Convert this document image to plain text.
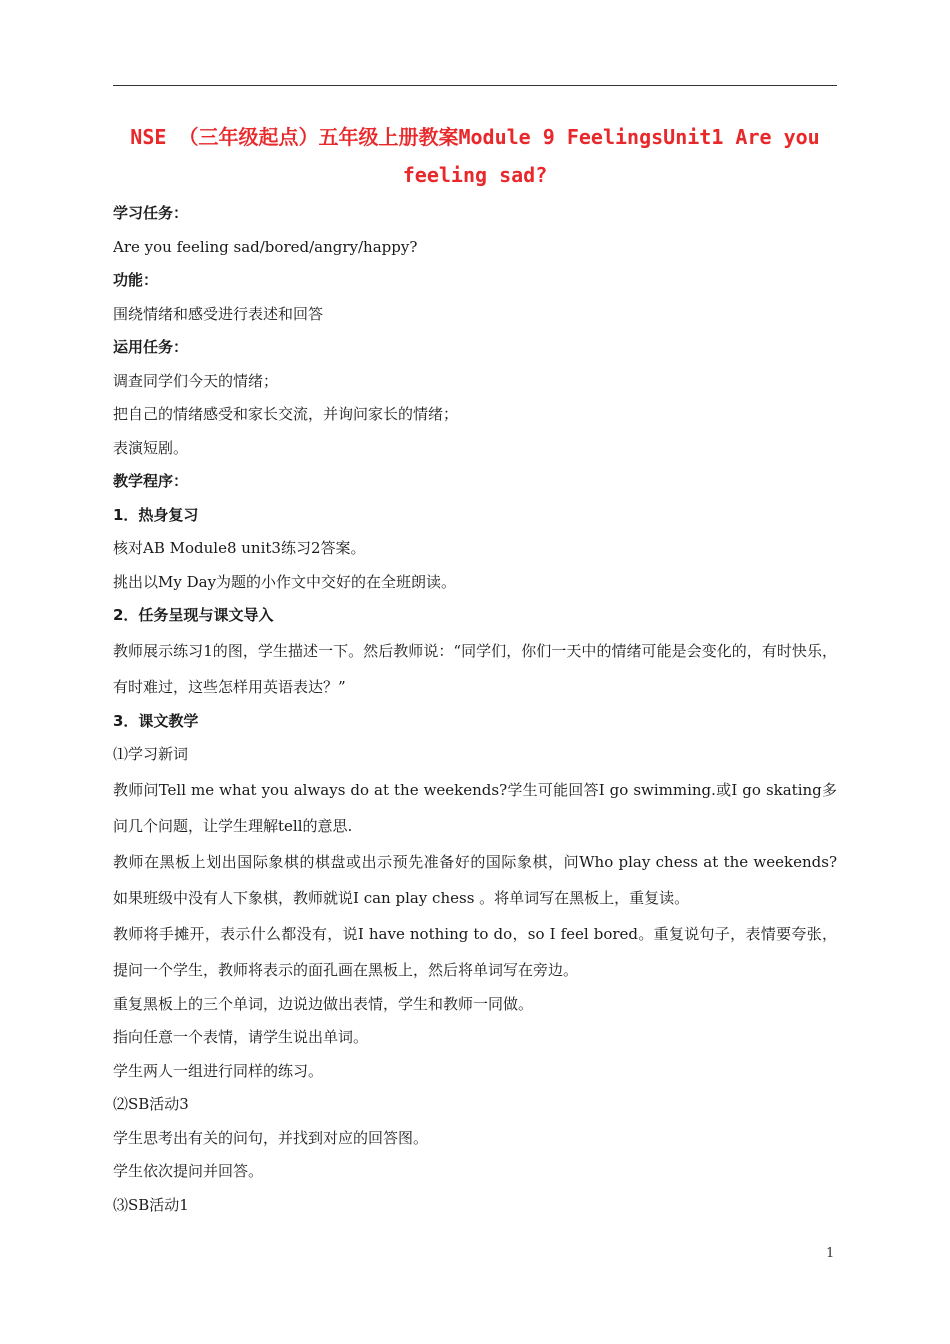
NSE （三年级起点）五年级上册教案Module 9 FeelingsUnit1 Are you feeling sad?
学习任务：
Are you feeling sad/bored/angry/happy?
功能：
围绕情绪和感受进行表述和回答
运用任务：
调查同学们今天的情绪；
把自己的情绪感受和家长交流，并询问家长的情绪；
表演短剧。
教学程序：
1．热身复习
核对AB Module8 unit3练习2答案。
挑出以My Day为题的小作文中交好的在全班朗读。
2．任务呈现与课文导入
教师展示练习1的图，学生描述一下。然后教师说：“同学们，你们一天中的情绪可能是会变化的，有时快乐，有时难过，这些怎样用英语表达？”
3．课文教学
⑴学习新词
教师问Tell me what you always do at the weekends?学生可能回答I go swimming.或I go skating多问几个问题，让学生理解tell的意思.
教师在黑板上划出国际象棋的棋盘或出示预先准备好的国际象棋，问Who play chess at the weekends? 如果班级中没有人下象棋，教师就说I can play chess 。将单词写在黑板上，重复读。
教师将手摊开，表示什么都没有，说I have nothing to do，so I feel bored。重复说句子，表情要夸张，提问一个学生，教师将表示的面孔画在黑板上，然后将单词写在旁边。
重复黑板上的三个单词，边说边做出表情，学生和教师一同做。
指向任意一个表情，请学生说出单词。
学生两人一组进行同样的练习。
⑵SB活动3
学生思考出有关的问句，并找到对应的回答图。
学生依次提问并回答。
⑶SB活动1
1
